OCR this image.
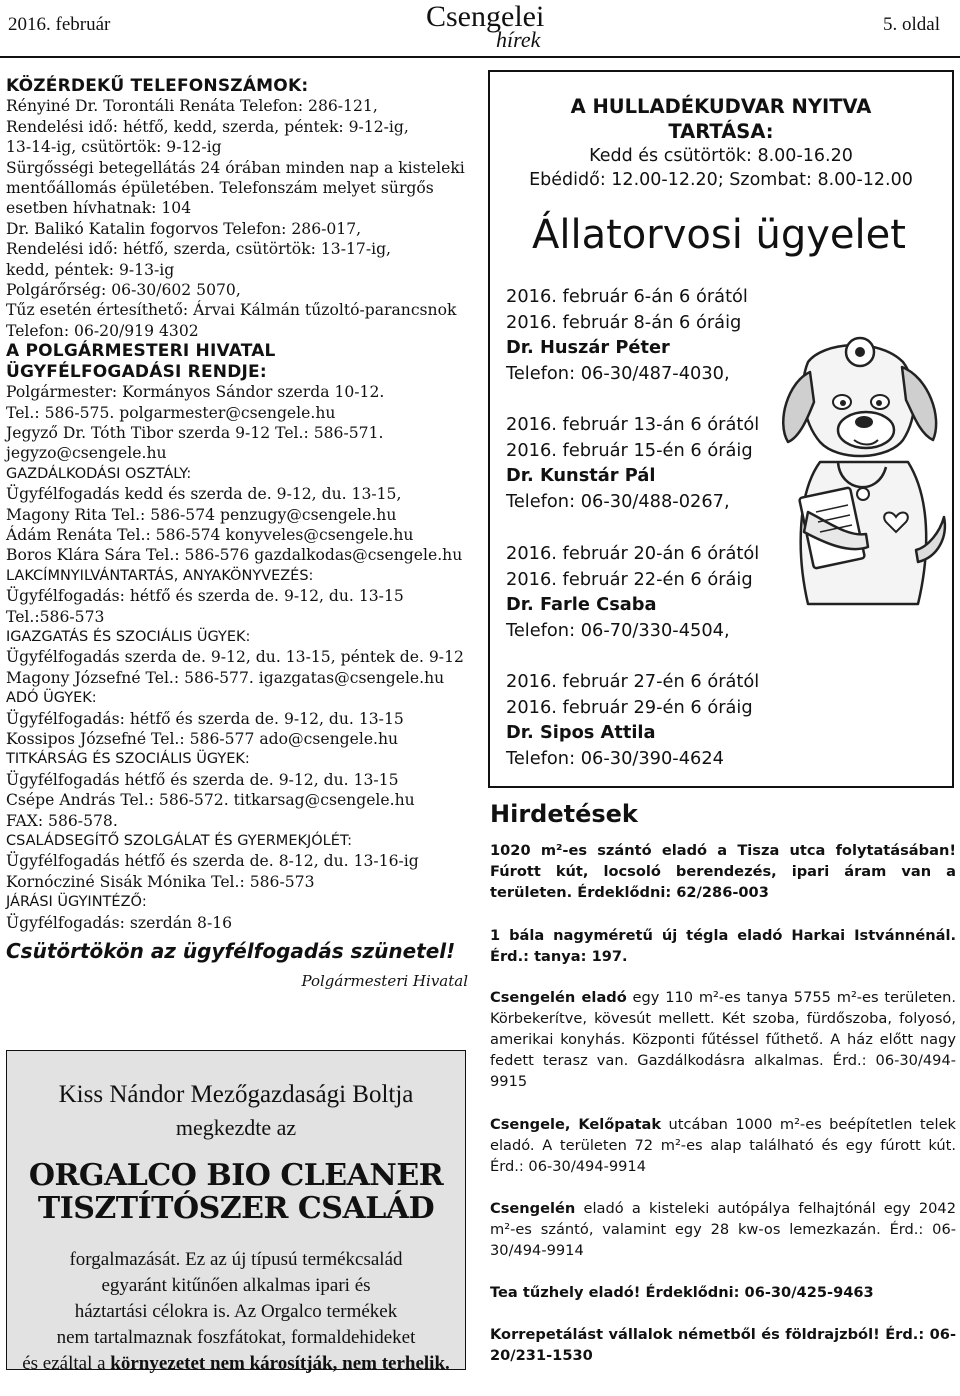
2016. február	Csengelei
hírek
5. oldal
KÖZÉRDEKŰ TELEFONSZÁMOK:
Rényiné Dr. Torontáli Renáta Telefon: 286-121,
Rendelési idő: hétfő, kedd, szerda, péntek: 9-12-ig,
13-14-ig, csütörtök: 9-12-ig
Sürgősségi betegellátás 24 órában minden nap a kisteleki
mentőállomás épületében. Telefonszám melyet sürgős
esetben hívhatnak: 104
Dr. Balikó Katalin fogorvos Telefon: 286-017,
Rendelési idő: hétfő, szerda, csütörtök: 13-17-ig,
kedd, péntek: 9-13-ig
Polgárőrség: 06-30/602 5070,
Tűz esetén értesíthető: Árvai Kálmán tűzoltó-parancsnok
Telefon: 06-20/919 4302
A POLGÁRMESTERI HIVATAL
ÜGYFÉLFOGADÁSI RENDJE:
Polgármester: Kormányos Sándor szerda 10-12.
Tel.: 586-575. polgarmester@csengele.hu
Jegyző Dr. Tóth Tibor szerda 9-12 Tel.: 586-571.
jegyzo@csengele.hu
GAZDÁLKODÁSI OSZTÁLY:
Ügyfélfogadás kedd és szerda de. 9-12, du. 13-15,
Magony Rita Tel.: 586-574 penzugy@csengele.hu
Ádám Renáta Tel.: 586-574 konyveles@csengele.hu
Boros Klára Sára Tel.: 586-576 gazdalkodas@csengele.hu
LAKCÍMNYILVÁNTARTÁS, ANYAKÖNYVEZÉS:
Ügyfélfogadás: hétfő és szerda de. 9-12, du. 13-15
Tel.:586-573
IGAZGATÁS ÉS SZOCIÁLIS ÜGYEK:
Ügyfélfogadás szerda de. 9-12, du. 13-15, péntek de. 9-12
Magony Józsefné Tel.: 586-577. igazgatas@csengele.hu
ADÓ ÜGYEK:
Ügyfélfogadás: hétfő és szerda de. 9-12, du. 13-15
Kossipos Józsefné Tel.: 586-577 ado@csengele.hu
TITKÁRSÁG ÉS SZOCIÁLIS ÜGYEK:
Ügyfélfogadás hétfő és szerda de. 9-12, du. 13-15
Csépe András Tel.: 586-572. titkarsag@csengele.hu
FAX: 586-578.
CSALÁDSEGÍTŐ SZOLGÁLAT ÉS GYERMEKJÓLÉT:
Ügyfélfogadás hétfő és szerda de. 8-12, du. 13-16-ig
Kornócziné Sisák Mónika Tel.: 586-573
JÁRÁSI ÜGYINTÉZŐ:
Ügyfélfogadás: szerdán 8-16
Csütörtökön az ügyfélfogadás szünetel!
Polgármesteri Hivatal
Kiss Nándor Mezőgazdasági Boltja
megkezdte az
ORGALCO BIO CLEANER
TISZTÍTÓSZER CSALÁD
forgalmazását. Ez az új típusú termékcsalád
egyaránt kitűnően alkalmas ipari és
háztartási célokra is. Az Orgalco termékek
nem tartalmaznak foszfátokat, formaldehideket
és ezáltal a környezetet nem károsítják, nem terhelik.
A HULLADÉKUDVAR NYITVA
TARTÁSA:
Kedd és csütörtök: 8.00-16.20
Ebédidő: 12.00-12.20; Szombat: 8.00-12.00
Állatorvosi ügyelet
2016. február 6-án 6 órától
2016. február 8-án 6 óráig
Dr. Huszár Péter
Telefon: 06-30/487-4030,
2016. február 13-án 6 órától
2016. február 15-én 6 óráig
Dr. Kunstár Pál
Telefon: 06-30/488-0267,
2016. február 20-án 6 órától
2016. február 22-én 6 óráig
Dr. Farle Csaba
Telefon: 06-70/330-4504,
2016. február 27-én 6 órától
2016. február 29-én 6 óráig
Dr. Sipos Attila
Telefon: 06-30/390-4624
Hirdetések
1020 m²-es szántó eladó a Tisza utca folytatásában! Fúrott kút, locsoló berendezés, ipari áram van a területen. Érdeklődni: 62/286-003
1 bála nagyméretű új tégla eladó Harkai Istvánnénál. Érd.: tanya: 197.
Csengelén eladó egy 110 m²-es tanya 5755 m²-es területen. Körbekerítve, kövesút mellett. Két szoba, fürdőszoba, folyosó, amerikai konyhás. Központi fűtéssel fűthető. A ház előtt nagy fedett terasz van. Gazdálkodásra alkalmas. Érd.: 06-30/494-9915
Csengele, Kelőpatak utcában 1000 m²-es beépítetlen telek eladó. A területen 72 m²-es alap található és egy fúrott kút. Érd.: 06-30/494-9914
Csengelén eladó a kisteleki autópálya felhajtónál egy 2042 m²-es szántó, valamint egy 28 kw-os lemezkazán. Érd.: 06-30/494-9914
Tea tűzhely eladó! Érdeklődni: 06-30/425-9463
Korrepetálást vállalok németből és földrajzból! Érd.: 06-20/231-1530
